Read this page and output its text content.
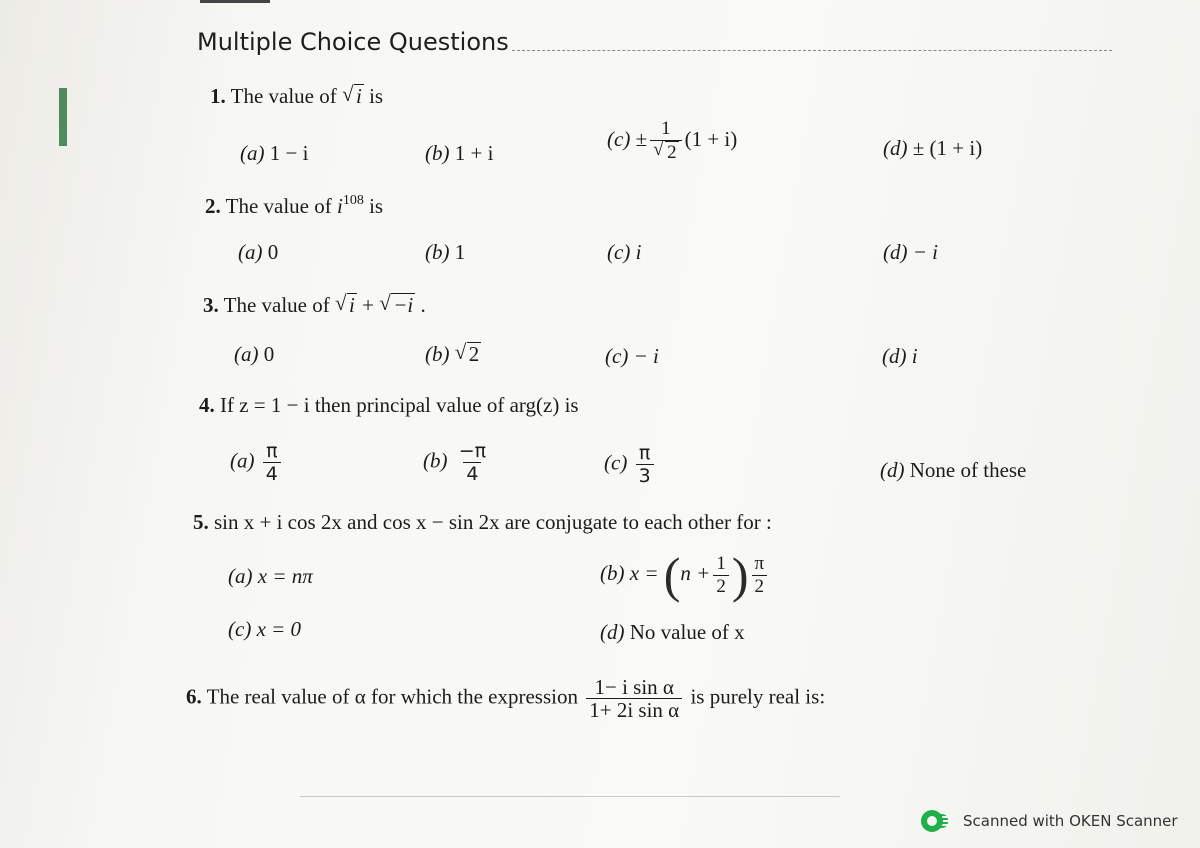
Multiple Choice Questions
1. The value of √ i is
(a) 1 − i	(b) 1 + i
$(c) \pm \frac{1}{√ 2} (1 + i)$	(d) ± (1 + i)
2. The value of $i^{108}$ is
(a) 0	(b) 1	(c) i	(d) − i
3. The value of √ i + √ −i .
(a) 0	(b) √ 2	(c) − i	(d) i
4. If z = 1 − i then principal value of arg(z) is
$(a) \frac{\pi}{4}$	$(b) \frac{-\pi}{4}$	$(c) \frac{\pi}{3}$	(d) None of these
5. sin x + i cos 2x and cos x − sin 2x are conjugate to each other for :
(a) x = nπ	(b) $x = (n + \frac{1}{2}$ ) $\frac{\pi}{2}$
(c) x = 0	(d) No value of x
6. The real value of α for which the expression $\frac{\text{1− i sin α}}{\text{1+ 2i sin α}}$ is purely real is:
Scanned with OKEN Scanner
